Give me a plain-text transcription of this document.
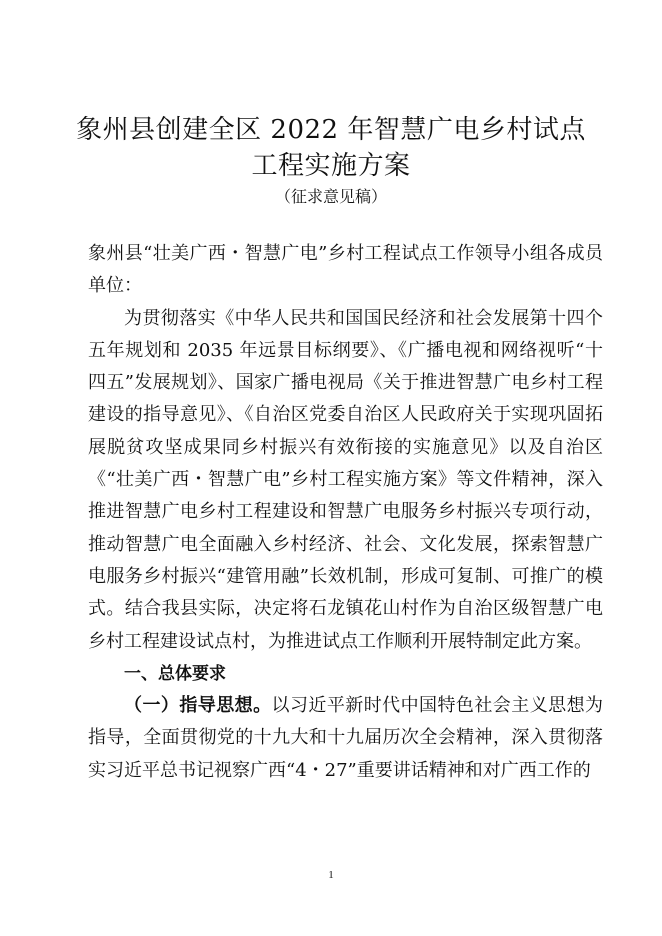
象州县创建全区 2022 年智慧广电乡村试点
工程实施方案
（征求意见稿）

象州县“壮美广西・智慧广电”乡村工程试点工作领导小组各成员单位：

为贯彻落实《中华人民共和国国民经济和社会发展第十四个五年规划和 2035 年远景目标纲要》、《广播电视和网络视听“十四五”发展规划》、国家广播电视局《关于推进智慧广电乡村工程建设的指导意见》、《自治区党委自治区人民政府关于实现巩固拓展脱贫攻坚成果同乡村振兴有效衔接的实施意见》以及自治区《“壮美广西・智慧广电”乡村工程实施方案》等文件精神，深入推进智慧广电乡村工程建设和智慧广电服务乡村振兴专项行动，推动智慧广电全面融入乡村经济、社会、文化发展，探索智慧广电服务乡村振兴“建管用融”长效机制，形成可复制、可推广的模式。结合我县实际，决定将石龙镇花山村作为自治区级智慧广电乡村工程建设试点村，为推进试点工作顺利开展特制定此方案。

一、总体要求

（一）指导思想。以习近平新时代中国特色社会主义思想为指导，全面贯彻党的十九大和十九届历次全会精神，深入贯彻落实习近平总书记视察广西“4・27”重要讲话精神和对广西工作的

1
